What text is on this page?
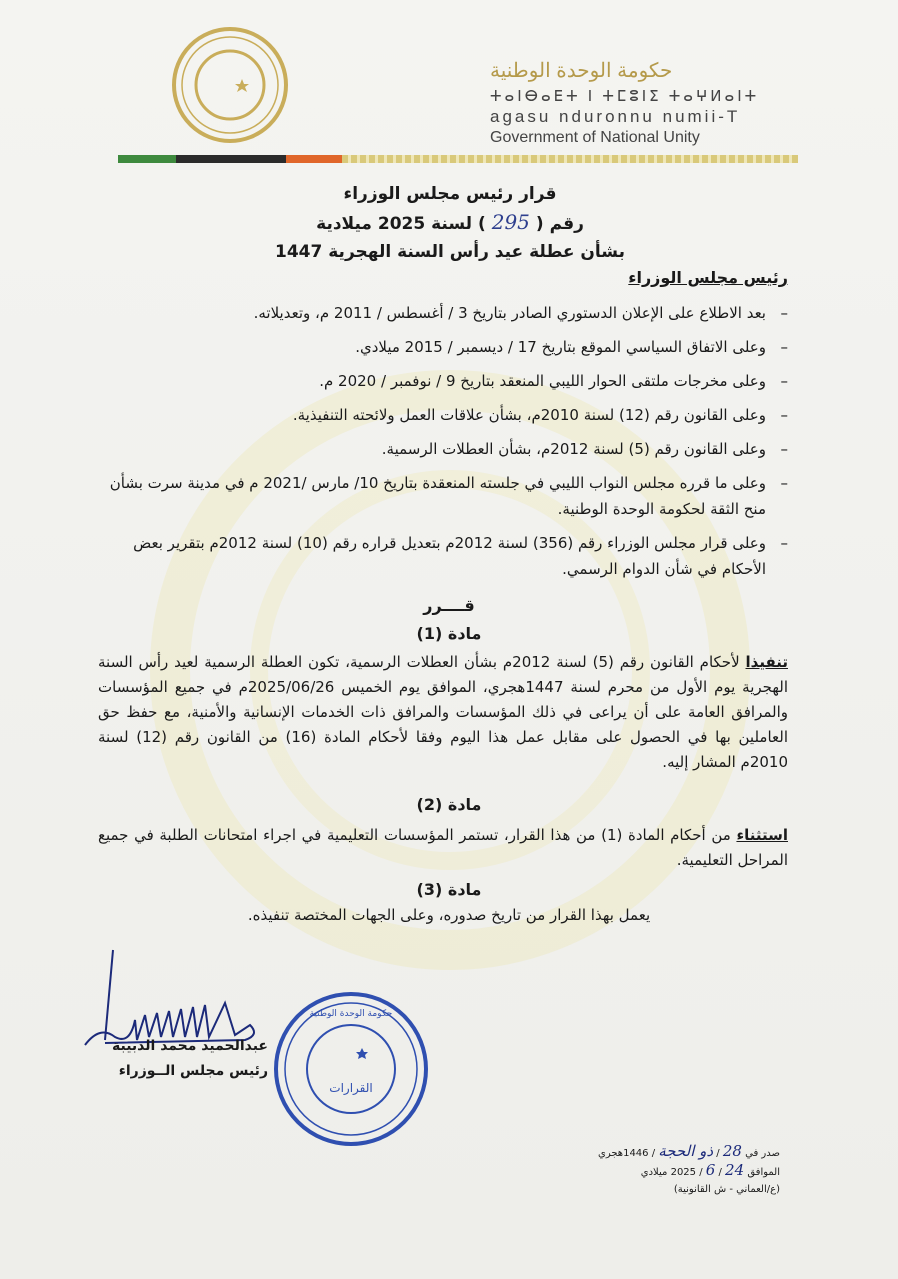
حكومة الوحدة الوطنية
ⵜⴰⵏⴱⴰⴹⵜ ⵏ ⵜⵎⵓⵏⵉ ⵜⴰⵖⵍⴰⵏⵜ
agasu nduronnu numii-T
Government of National Unity
قرار رئيس مجلس الوزراء
رقم (295) لسنة 2025 ميلادية
بشأن عطلة عيد رأس السنة الهجرية 1447
رئيس مجلس الوزراء
–
بعد الاطلاع على الإعلان الدستوري الصادر بتاريخ 3 / أغسطس / 2011 م، وتعديلاته.
–
وعلى الاتفاق السياسي الموقع بتاريخ 17 / ديسمبر / 2015 ميلادي.
–
وعلى مخرجات ملتقى الحوار الليبي المنعقد بتاريخ 9 / نوفمبر / 2020 م.
–
وعلى القانون رقم (12) لسنة 2010م، بشأن علاقات العمل ولائحته التنفيذية.
–
وعلى القانون رقم (5) لسنة 2012م، بشأن العطلات الرسمية.
–
وعلى ما قرره مجلس النواب الليبي في جلسته المنعقدة بتاريخ 10/ مارس /2021 م في مدينة سرت بشأن منح الثقة لحكومة الوحدة الوطنية.
–
وعلى قرار مجلس الوزراء رقم (356) لسنة 2012م بتعديل قراره رقم (10) لسنة 2012م بتقرير بعض الأحكام في شأن الدوام الرسمي.
قــــرر
مادة (1)
تنفيذا لأحكام القانون رقم (5) لسنة 2012م بشأن العطلات الرسمية، تكون العطلة الرسمية لعيد رأس السنة الهجرية يوم الأول من محرم لسنة 1447هجري، الموافق يوم الخميس 2025/06/26م في جميع المؤسسات والمرافق العامة على أن يراعى في ذلك المؤسسات والمرافق ذات الخدمات الإنسانية والأمنية، مع حفظ حق العاملين بها في الحصول على مقابل عمل هذا اليوم وفقا لأحكام المادة (16) من القانون رقم (12) لسنة 2010م المشار إليه.
مادة (2)
استثناء من أحكام المادة (1) من هذا القرار، تستمر المؤسسات التعليمية في اجراء امتحانات الطلبة في جميع المراحل التعليمية.
مادة (3)
يعمل بهذا القرار من تاريخ صدوره، وعلى الجهات المختصة تنفيذه.
عبدالحميد محمد الدبيبة
رئيس مجلس الــوزراء
القرارات
حكومة الوحدة الوطنية
صدر في 28 / ذو الحجة / 1446هجري
الموافق 24 / 6 / 2025 ميلادي
(ع/العماني - ش القانونية)
